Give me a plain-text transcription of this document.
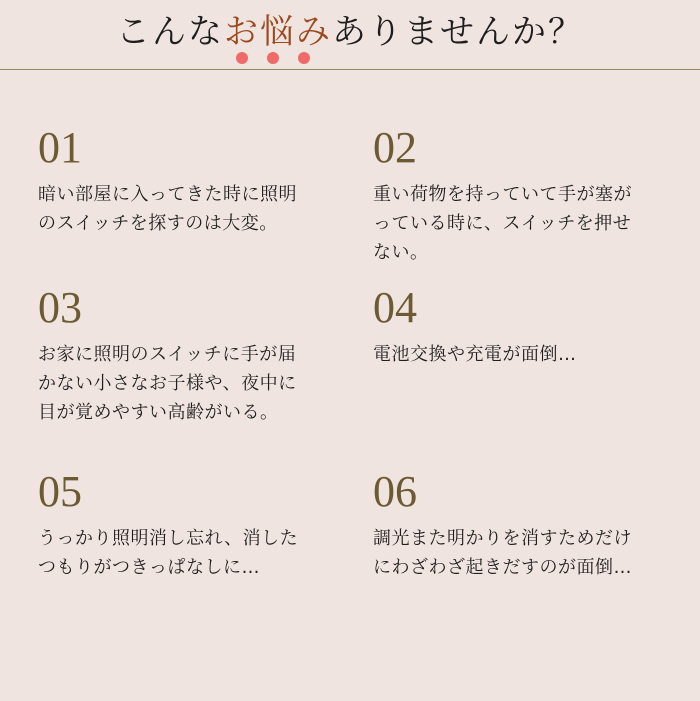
こんなお悩みありませんか？
01
暗い部屋に入ってきた時に照明
のスイッチを探すのは大変。
02
重い荷物を持っていて手が塞が
っている時に、スイッチを押せ
ない。
03
お家に照明のスイッチに手が届
かない小さなお子様や、夜中に
目が覚めやすい高齢がいる。
04
電池交換や充電が面倒…
05
うっかり照明消し忘れ、消した
つもりがつきっぱなしに…
06
調光また明かりを消すためだけ
にわざわざ起きだすのが面倒…
